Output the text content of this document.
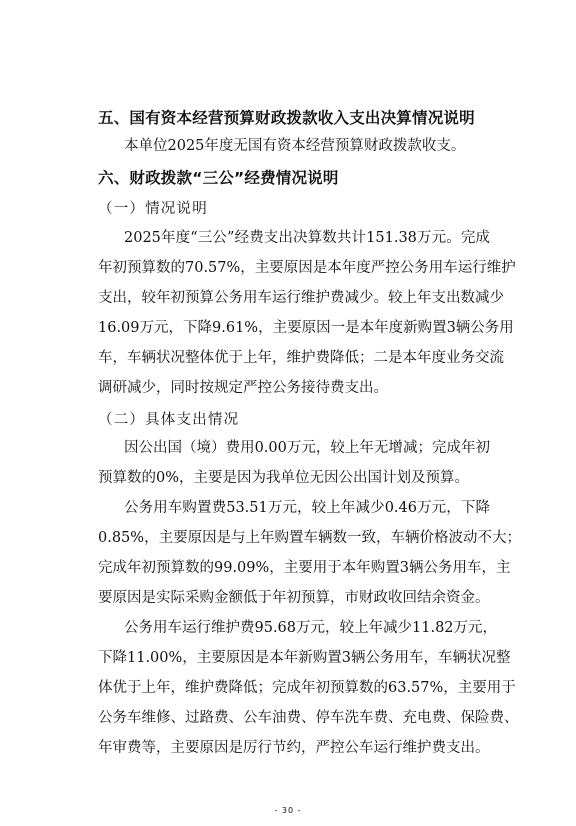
五、国有资本经营预算财政拨款收入支出决算情况说明
本单位2025年度无国有资本经营预算财政拨款收支。
六、财政拨款“三公”经费情况说明
（一）情况说明
2025年度“三公”经费支出决算数共计151.38万元。完成
年初预算数的70.57%，主要原因是本年度严控公务用车运行维护
支出，较年初预算公务用车运行维护费减少。较上年支出数减少
16.09万元，下降9.61%，主要原因一是本年度新购置3辆公务用
车，车辆状况整体优于上年，维护费降低；二是本年度业务交流
调研减少，同时按规定严控公务接待费支出。
（二）具体支出情况
因公出国（境）费用0.00万元，较上年无增减；完成年初
预算数的0%，主要是因为我单位无因公出国计划及预算。
公务用车购置费53.51万元，较上年减少0.46万元，下降
0.85%，主要原因是与上年购置车辆数一致，车辆价格波动不大；
完成年初预算数的99.09%，主要用于本年购置3辆公务用车，主
要原因是实际采购金额低于年初预算，市财政收回结余资金。
公务用车运行维护费95.68万元，较上年减少11.82万元，
下降11.00%，主要原因是本年新购置3辆公务用车，车辆状况整
体优于上年，维护费降低；完成年初预算数的63.57%，主要用于
公务车维修、过路费、公车油费、停车洗车费、充电费、保险费、
年审费等，主要原因是厉行节约，严控公车运行维护费支出。
- 30 -
